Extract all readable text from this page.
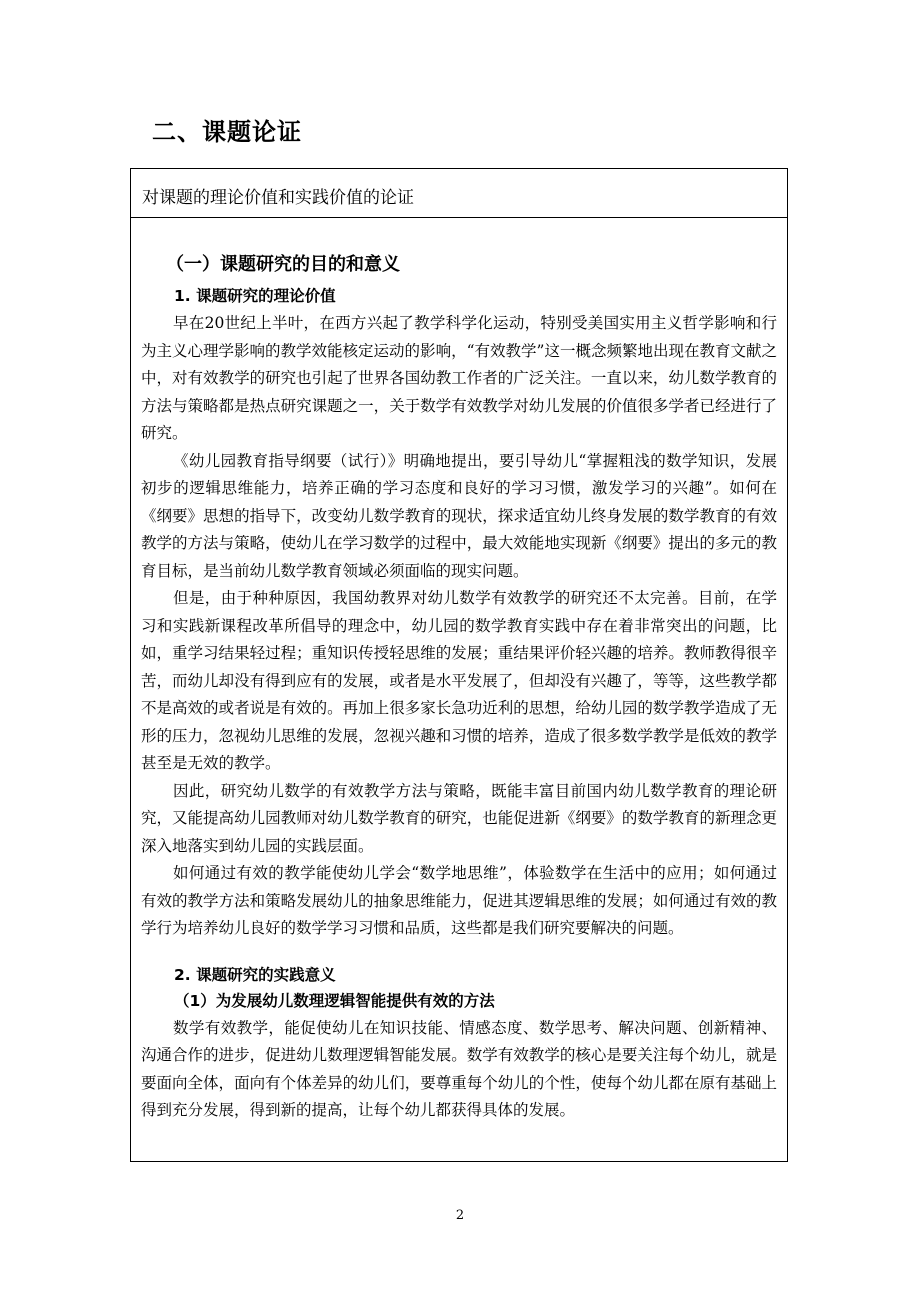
二、课题论证
对课题的理论价值和实践价值的论证
（一）课题研究的目的和意义
1. 课题研究的理论价值

早在20世纪上半叶，在西方兴起了教学科学化运动，特别受美国实用主义哲学影响和行为主义心理学影响的教学效能核定运动的影响，“有效教学”这一概念频繁地出现在教育文献之中，对有效教学的研究也引起了世界各国幼教工作者的广泛关注。一直以来，幼儿数学教育的方法与策略都是热点研究课题之一，关于数学有效教学对幼儿发展的价值很多学者已经进行了研究。

《幼儿园教育指导纲要（试行）》明确地提出，要引导幼儿“掌握粗浅的数学知识，发展初步的逻辑思维能力，培养正确的学习态度和良好的学习习惯，激发学习的兴趣”。如何在《纲要》思想的指导下，改变幼儿数学教育的现状，探求适宜幼儿终身发展的数学教育的有效教学的方法与策略，使幼儿在学习数学的过程中，最大效能地实现新《纲要》提出的多元的教育目标，是当前幼儿数学教育领域必须面临的现实问题。

但是，由于种种原因，我国幼教界对幼儿数学有效教学的研究还不太完善。目前，在学习和实践新课程改革所倡导的理念中，幼儿园的数学教育实践中存在着非常突出的问题，比如，重学习结果轻过程；重知识传授轻思维的发展；重结果评价轻兴趣的培养。教师教得很辛苦，而幼儿却没有得到应有的发展，或者是水平发展了，但却没有兴趣了，等等，这些教学都不是高效的或者说是有效的。再加上很多家长急功近利的思想，给幼儿园的数学教学造成了无形的压力，忽视幼儿思维的发展，忽视兴趣和习惯的培养，造成了很多数学教学是低效的教学甚至是无效的教学。

因此，研究幼儿数学的有效教学方法与策略，既能丰富目前国内幼儿数学教育的理论研究，又能提高幼儿园教师对幼儿数学教育的研究，也能促进新《纲要》的数学教育的新理念更深入地落实到幼儿园的实践层面。

如何通过有效的教学能使幼儿学会“数学地思维”，体验数学在生活中的应用；如何通过有效的教学方法和策略发展幼儿的抽象思维能力，促进其逻辑思维的发展；如何通过有效的教学行为培养幼儿良好的数学学习习惯和品质，这些都是我们研究要解决的问题。

2. 课题研究的实践意义
（1）为发展幼儿数理逻辑智能提供有效的方法

数学有效教学，能促使幼儿在知识技能、情感态度、数学思考、解决问题、创新精神、沟通合作的进步，促进幼儿数理逻辑智能发展。数学有效教学的核心是要关注每个幼儿，就是要面向全体，面向有个体差异的幼儿们，要尊重每个幼儿的个性，使每个幼儿都在原有基础上得到充分发展，得到新的提高，让每个幼儿都获得具体的发展。

2
